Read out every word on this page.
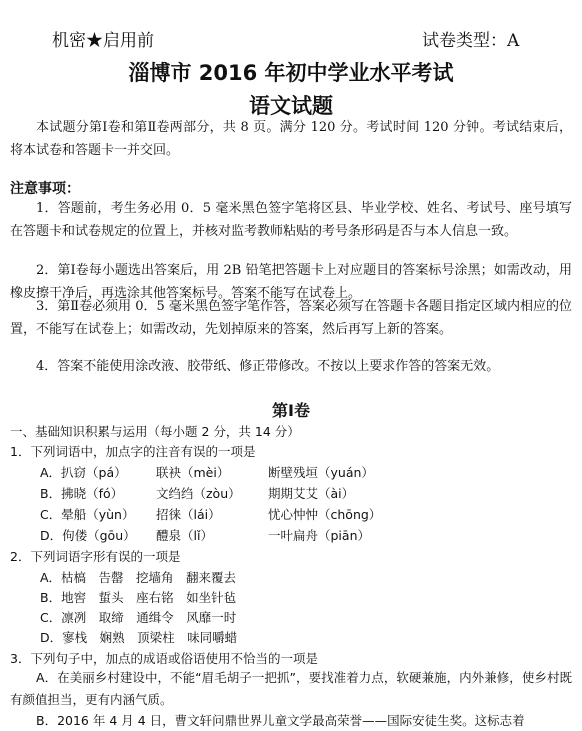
机密★启用前	试卷类型：A
淄博市 2016 年初中学业水平考试
语文试题
本试题分第Ⅰ卷和第Ⅱ卷两部分，共 8 页。满分 120 分。考试时间 120 分钟。考试结束后，将本试卷和答题卡一并交回。
注意事项：
1．答题前，考生务必用 0．5 毫米黑色签字笔将区县、毕业学校、姓名、考试号、座号填写在答题卡和试卷规定的位置上，并核对监考教师粘贴的考号条形码是否与本人信息一致。
2．第Ⅰ卷每小题选出答案后，用 2B 铅笔把答题卡上对应题目的答案标号涂黑；如需改动，用橡皮擦干净后，再选涂其他答案标号。答案不能写在试卷上。
3．第Ⅱ卷必须用 0．5 毫米黑色签字笔作答，答案必须写在答题卡各题目指定区域内相应的位置，不能写在试卷上；如需改动，先划掉原来的答案，然后再写上新的答案。
4．答案不能使用涂改液、胶带纸、修正带修改。不按以上要求作答的答案无效。
第Ⅰ卷
一、基础知识积累与运用（每小题 2 分，共 14 分）
1．下列词语中，加点字的注音有误的一项是
A．扒窃（pá） 联袂（mèi）	断壁残垣（yuán）
B．拂晓（fó）	文绉绉（zòu） 期期艾艾（ài）
C．晕船（yùn） 招徕（lái）	忧心忡忡（chōng）
D．佝偻（gōu） 醴泉（lǐ）	一叶扁舟（piān）
2．下列词语字形有误的一项是
A．枯槁　告罄　挖墙角　翻来覆去
B．地窖　蜇头　座右铭　如坐针毡
C．凛冽　取缔　通缉令　风靡一时
D．寥栈　娴熟　顶梁柱　味同嚼蜡
3．下列句子中，加点的成语或俗语使用不恰当的一项是
A．在美丽乡村建设中，不能“眉毛胡子一把抓”，要找准着力点，软硬兼施，内外兼修，使乡村既有颜值担当，更有内涵气质。
B．2016 年 4 月 4 日，曹文轩问鼎世界儿童文学最高荣誉——国际安徒生奖。这标志着
